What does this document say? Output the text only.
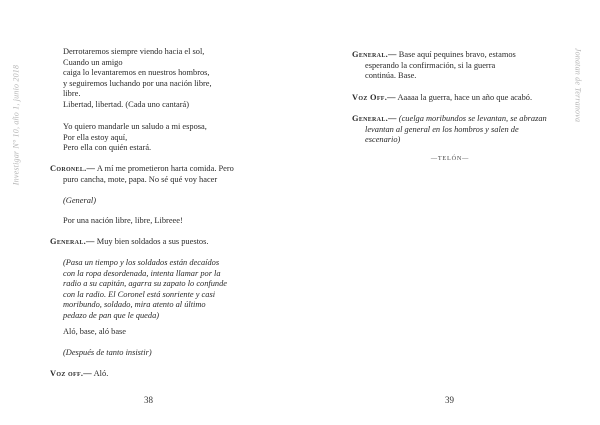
Investigar N° 10, año 1, junio 2018
Derrotaremos siempre viendo hacia el sol,
Cuando un amigo
caiga lo levantaremos en nuestros hombros,
y seguiremos luchando por una nación libre,
libre.
Libertad, libertad. (Cada uno cantará)
Yo quiero mandarle un saludo a mi esposa,
Por ella estoy aquí,
Pero ella con quién estará.
Coronel.— A mí me prometieron harta comida. Pero
puro cancha, mote, papa. No sé qué voy hacer
(General)
Por una nación libre, libre, Libreee!
General.— Muy bien soldados a sus puestos.
(Pasa un tiempo y los soldados están decaídos
con la ropa desordenada, intenta llamar por la
radio a su capitán, agarra su zapato lo confunde
con la radio. El Coronel está sonriente y casi
moribundo, soldado, mira atento al último
pedazo de pan que le queda)
Aló, base, aló base
(Después de tanto insistir)
Voz off.— Aló.
38
Jonatan de Terranova
General.— Base aquí pequines bravo, estamos
esperando la confirmación, si la guerra
continúa. Base.
Voz Off.— Aaaaa la guerra, hace un año que acabó.
General.— (cuelga moribundos se levantan, se abrazan
levantan al general en los hombros y salen de
escenario)
—TELÓN—
39
